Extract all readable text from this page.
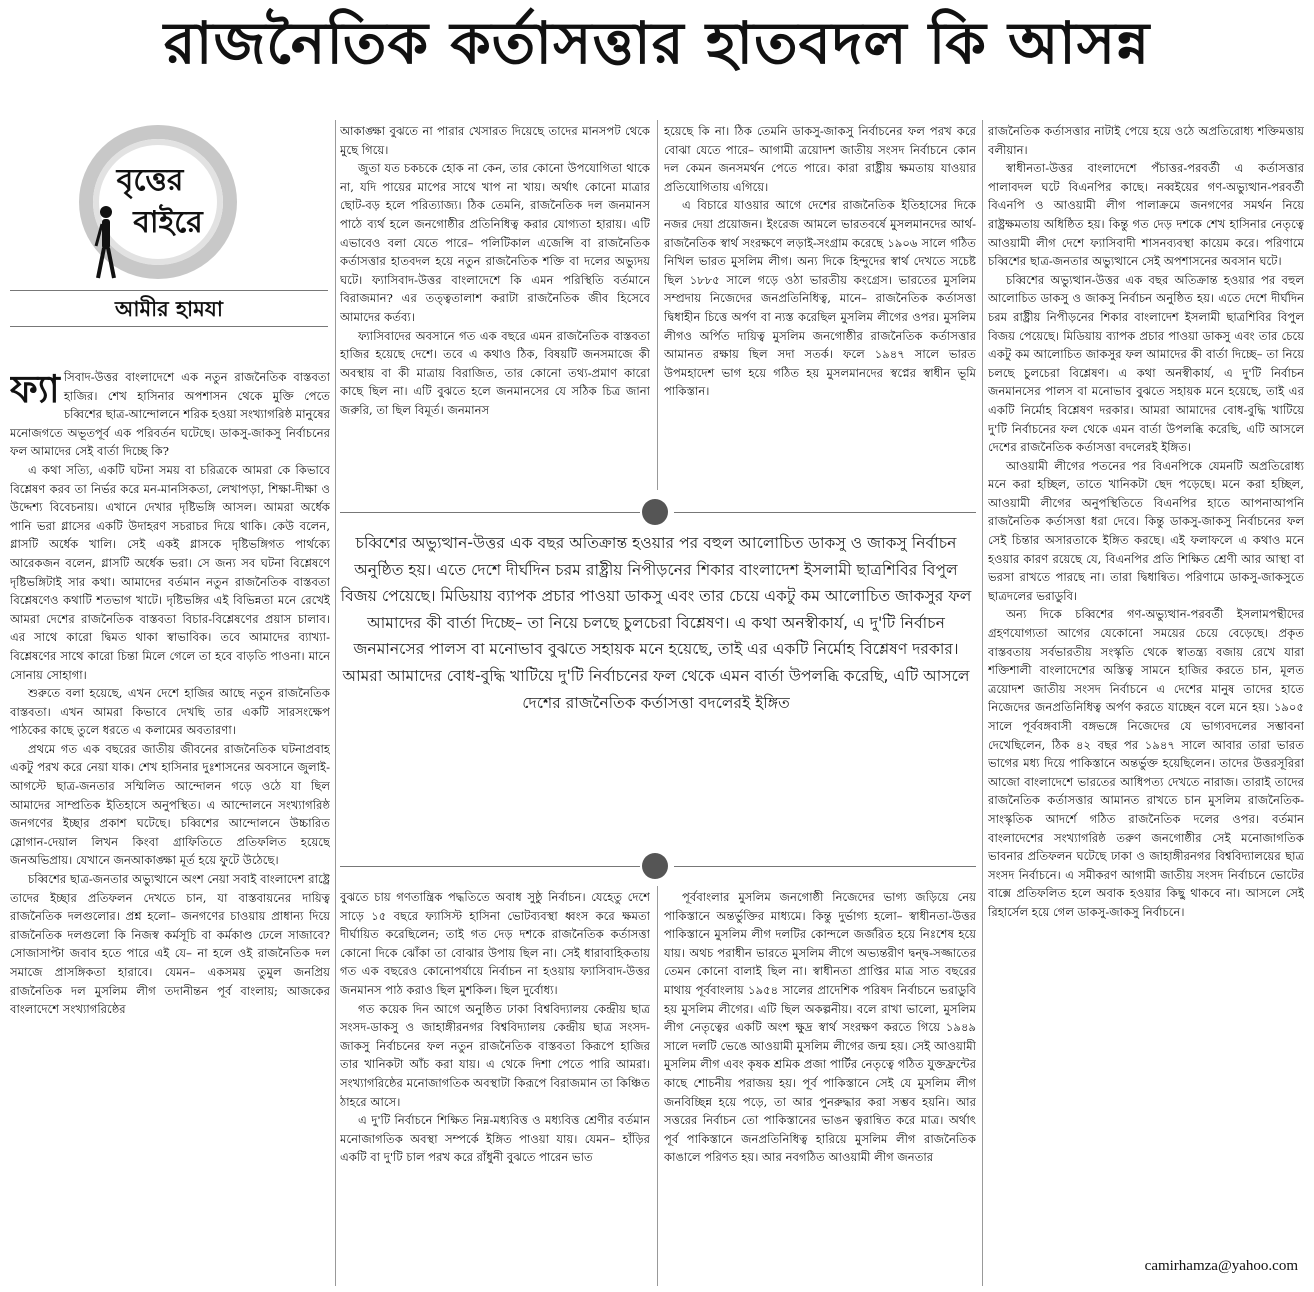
রাজনৈতিক কর্তাসত্তার হাতবদল কি আসন্ন
বৃত্তের
বাইরে
আমীর হামযা

ফ্যা সিবাদ-উত্তর বাংলাদেশে এক নতুন রাজনৈতিক বাস্তবতা হাজির। শেখ হাসিনার অপশাসন থেকে মুক্তি পেতে চব্বিশের ছাত্র-আন্দোলনে শরিক হওয়া সংখ্যাগরিষ্ঠ মানুষের মনোজগতে অভূতপূর্ব এক পরিবর্তন ঘটেছে। ডাকসু-জাকসু নির্বাচনের ফল আমাদের সেই বার্তা দিচ্ছে কি?

এ কথা সত্যি, একটি ঘটনা সময় বা চরিত্রকে আমরা কে কিভাবে বিশ্লেষণ করব তা নির্ভর করে মন-মানসিকতা, লেখাপড়া, শিক্ষা-দীক্ষা ও উদ্দেশ্য বিবেচনায়। এখানে দেখার দৃষ্টিভঙ্গি আসল। আমরা অর্ধেক পানি ভরা গ্লাসের একটি উদাহরণ সচরাচর দিয়ে থাকি। কেউ বলেন, গ্লাসটি অর্ধেক খালি। সেই একই গ্লাসকে দৃষ্টিভঙ্গিগত পার্থক্যে আরেকজন বলেন, গ্লাসটি অর্ধেক ভরা। সে জন্য সব ঘটনা বিশ্লেষণে দৃষ্টিভঙ্গিটাই সার কথা। আমাদের বর্তমান নতুন রাজনৈতিক বাস্তবতা বিশ্লেষণেও কথাটি শতভাগ খাটে। দৃষ্টিভঙ্গির এই বিভিন্নতা মনে রেখেই আমরা দেশের রাজনৈতিক বাস্তবতা বিচার-বিশ্লেষণের প্রয়াস চালাব। এর সাথে কারো দ্বিমত থাকা স্বাভাবিক। তবে আমাদের ব্যাখ্যা-বিশ্লেষণের সাথে কারো চিন্তা মিলে গেলে তা হবে বাড়তি পাওনা। মানে সোনায় সোহাগা।

শুরুতে বলা হয়েছে, এখন দেশে হাজির আছে নতুন রাজনৈতিক বাস্তবতা। এখন আমরা কিভাবে দেখছি তার একটি সারসংক্ষেপ পাঠকের কাছে তুলে ধরতে এ কলামের অবতারণা।

প্রথমে গত এক বছরের জাতীয় জীবনের রাজনৈতিক ঘটনাপ্রবাহ একটু পরখ করে নেয়া যাক। শেখ হাসিনার দুঃশাসনের অবসানে জুলাই-আগস্টে ছাত্র-জনতার সম্মিলিত আন্দোলন গড়ে ওঠে যা ছিল আমাদের সাম্প্রতিক ইতিহাসে অনুপস্থিত। এ আন্দোলনে সংখ্যাগরিষ্ঠ জনগণের ইচ্ছার প্রকাশ ঘটেছে। চব্বিশের আন্দোলনে উচ্চারিত স্লোগান-দেয়াল লিখন কিংবা গ্রাফিতিতে প্রতিফলিত হয়েছে জনঅভিপ্রায়। যেখানে জনআকাঙ্ক্ষা মূর্ত হয়ে ফুটে উঠেছে।

চব্বিশের ছাত্র-জনতার অভ্যুত্থানে অংশ নেয়া সবাই বাংলাদেশ রাষ্ট্রে তাদের ইচ্ছার প্রতিফলন দেখতে চান, যা বাস্তবায়নের দায়িত্ব রাজনৈতিক দলগুলোর। প্রশ্ন হলো– জনগণের চাওয়ায় প্রাধান্য দিয়ে রাজনৈতিক দলগুলো কি নিজস্ব কর্মসূচি বা কর্মকাণ্ড ঢেলে সাজাবে? সোজাসাপ্টা জবাব হতে পারে এই যে– না হলে ওই রাজনৈতিক দল সমাজে প্রাসঙ্গিকতা হারাবে। যেমন– একসময় তুমুল জনপ্রিয় রাজনৈতিক দল মুসলিম লীগ তদানীন্তন পূর্ব বাংলায়; আজকের বাংলাদেশে সংখ্যাগরিষ্ঠের

আকাঙ্ক্ষা বুঝতে না পারার খেসারত দিয়েছে তাদের মানসপট থেকে মুছে গিয়ে।

জুতা যত চকচকে হোক না কেন, তার কোনো উপযোগিতা থাকে না, যদি পায়ের মাপের সাথে খাপ না খায়। অর্থাৎ কোনো মাত্রার ছোট-বড় হলে পরিত্যাজ্য। ঠিক তেমনি, রাজনৈতিক দল জনমানস পাঠে ব্যর্থ হলে জনগোষ্ঠীর প্রতিনিধিত্ব করার যোগ্যতা হারায়। এটি এভাবেও বলা যেতে পারে– পলিটিকাল এজেন্সি বা রাজনৈতিক কর্তাসত্তার হাতবদল হয়ে নতুন রাজনৈতিক শক্তি বা দলের অভ্যুদয় ঘটে। ফ্যাসিবাদ-উত্তর বাংলাদেশে কি এমন পরিস্থিতি বর্তমানে বিরাজমান? এর তত্ত্বতালাশ করাটা রাজনৈতিক জীব হিসেবে আমাদের কর্তব্য।

ফ্যাসিবাদের অবসানে গত এক বছরে এমন রাজনৈতিক বাস্তবতা হাজির হয়েছে দেশে। তবে এ কথাও ঠিক, বিষয়টি জনসমাজে কী অবস্থায় বা কী মাত্রায় বিরাজিত, তার কোনো তথ্য-প্রমাণ কারো কাছে ছিল না। এটি বুঝতে হলে জনমানসের যে সঠিক চিত্র জানা জরুরি, তা ছিল বিমূর্ত। জনমানস

হয়েছে কি না। ঠিক তেমনি ডাকসু-জাকসু নির্বাচনের ফল পরখ করে বোঝা যেতে পারে– আগামী ত্রয়োদশ জাতীয় সংসদ নির্বাচনে কোন দল কেমন জনসমর্থন পেতে পারে। কারা রাষ্ট্রীয় ক্ষমতায় যাওয়ার প্রতিযোগিতায় এগিয়ে।

এ বিচারে যাওয়ার আগে দেশের রাজনৈতিক ইতিহাসের দিকে নজর দেয়া প্রয়োজন। ইংরেজ আমলে ভারতবর্ষে মুসলমানদের আর্থ-রাজনৈতিক স্বার্থ সংরক্ষণে লড়াই-সংগ্রাম করেছে ১৯০৬ সালে গঠিত নিখিল ভারত মুসলিম লীগ। অন্য দিকে হিন্দুদের স্বার্থ দেখতে সচেষ্ট ছিল ১৮৮৫ সালে গড়ে ওঠা ভারতীয় কংগ্রেস। ভারতের মুসলিম সম্প্রদায় নিজেদের জনপ্রতিনিধিত্ব, মানে– রাজনৈতিক কর্তাসত্তা দ্বিধাহীন চিত্তে অর্পণ বা ন্যস্ত করেছিল মুসলিম লীগের ওপর। মুসলিম লীগও অর্পিত দায়িত্ব মুসলিম জনগোষ্ঠীর রাজনৈতিক কর্তাসত্তার আমানত রক্ষায় ছিল সদা সতর্ক। ফলে ১৯৪৭ সালে ভারত উপমহাদেশ ভাগ হয়ে গঠিত হয় মুসলমানদের স্বপ্নের স্বাধীন ভূমি পাকিস্তান।

চব্বিশের অভ্যুত্থান-উত্তর এক বছর অতিক্রান্ত হওয়ার পর বহুল আলোচিত ডাকসু ও জাকসু নির্বাচন অনুষ্ঠিত হয়। এতে দেশে দীর্ঘদিন চরম রাষ্ট্রীয় নিপীড়নের শিকার বাংলাদেশ ইসলামী ছাত্রশিবির বিপুল বিজয় পেয়েছে। মিডিয়ায় ব্যাপক প্রচার পাওয়া ডাকসু এবং তার চেয়ে একটু কম আলোচিত জাকসুর ফল আমাদের কী বার্তা দিচ্ছে– তা নিয়ে চলছে চুলচেরা বিশ্লেষণ। এ কথা অনস্বীকার্য, এ দু'টি নির্বাচন জনমানসের পালস বা মনোভাব বুঝতে সহায়ক মনে হয়েছে, তাই এর একটি নির্মোহ বিশ্লেষণ দরকার। আমরা আমাদের বোধ-বুদ্ধি খাটিয়ে দু'টি নির্বাচনের ফল থেকে এমন বার্তা উপলব্ধি করেছি, এটি আসলে দেশের রাজনৈতিক কর্তাসত্তা বদলেরই ইঙ্গিত

বুঝতে চায় গণতান্ত্রিক পদ্ধতিতে অবাধ সুষ্ঠু নির্বাচন। যেহেতু দেশে সাড়ে ১৫ বছরে ফ্যাসিস্ট হাসিনা ভোটব্যবস্থা ধ্বংস করে ক্ষমতা দীর্ঘায়িত করেছিলেন; তাই গত দেড় দশকে রাজনৈতিক কর্তাসত্তা কোনো দিকে ঝোঁকা তা বোঝার উপায় ছিল না। সেই ধারাবাহিকতায় গত এক বছরেও কোনোপর্যায়ে নির্বাচন না হওয়ায় ফ্যাসিবাদ-উত্তর জনমানস পাঠ করাও ছিল মুশকিল। ছিল দুর্বোধ্য।

গত কয়েক দিন আগে অনুষ্ঠিত ঢাকা বিশ্ববিদ্যালয় কেন্দ্রীয় ছাত্র সংসদ-ডাকসু ও জাহাঙ্গীরনগর বিশ্ববিদ্যালয় কেন্দ্রীয় ছাত্র সংসদ-জাকসু নির্বাচনের ফল নতুন রাজনৈতিক বাস্তবতা কিরূপে হাজির তার খানিকটা আঁচ করা যায়। এ থেকে দিশা পেতে পারি আমরা। সংখ্যাগরিষ্ঠের মনোজাগতিক অবস্থাটা কিরূপে বিরাজমান তা কিঞ্চিত ঠাহরে আসে।

এ দু'টি নির্বাচনে শিক্ষিত নিম্ন-মধ্যবিত্ত ও মধ্যবিত্ত শ্রেণীর বর্তমান মনোজাগতিক অবস্থা সম্পর্কে ইঙ্গিত পাওয়া যায়। যেমন– হাঁড়ির একটি বা দু'টি চাল পরখ করে রাঁধুনী বুঝতে পারেন ভাত

পূর্ববাংলার মুসলিম জনগোষ্ঠী নিজেদের ভাগ্য জড়িয়ে নেয় পাকিস্তানে অন্তর্ভুক্তির মাধ্যমে। কিন্তু দুর্ভাগ্য হলো– স্বাধীনতা-উত্তর পাকিস্তানে মুসলিম লীগ দলটির কোন্দলে জর্জরিত হয়ে নিঃশেষ হয়ে যায়। অথচ পরাধীন ভারতে মুসলিম লীগে অভ্যন্তরীণ দ্বন্দ্ব-সজ্জাতের তেমন কোনো বালাই ছিল না। স্বাধীনতা প্রাপ্তির মাত্র সাত বছরের মাথায় পূর্ববাংলায় ১৯৫৪ সালের প্রাদেশিক পরিষদ নির্বাচনে ভরাডুবি হয় মুসলিম লীগের। এটি ছিল অকল্পনীয়। বলে রাখা ভালো, মুসলিম লীগ নেতৃত্বের একটি অংশ ক্ষুদ্র স্বার্থ সংরক্ষণ করতে গিয়ে ১৯৪৯ সালে দলটি ভেঙে আওয়ামী মুসলিম লীগের জন্ম হয়। সেই আওয়ামী মুসলিম লীগ এবং কৃষক শ্রমিক প্রজা পার্টির নেতৃত্বে গঠিত যুক্তফ্রন্টের কাছে শোচনীয় পরাজয় হয়। পূর্ব পাকিস্তানে সেই যে মুসলিম লীগ জনবিচ্ছিন্ন হয়ে পড়ে, তা আর পুনরুদ্ধার করা সম্ভব হয়নি। আর সত্তরের নির্বাচন তো পাকিস্তানের ভাঙন ত্বরান্বিত করে মাত্র। অর্থাৎ পূর্ব পাকিস্তানে জনপ্রতিনিধিত্ব হারিয়ে মুসলিম লীগ রাজনৈতিক কাঙালে পরিণত হয়। আর নবগঠিত আওয়ামী লীগ জনতার

রাজনৈতিক কর্তাসত্তার নাটাই পেয়ে হয়ে ওঠে অপ্রতিরোধ্য শক্তিমত্তায় বলীয়ান।

স্বাধীনতা-উত্তর বাংলাদেশে পঁচাত্তর-পরবর্তী এ কর্তাসত্তার পালাবদল ঘটে বিএনপির কাছে। নব্বইয়ের গণ-অভ্যুত্থান-পরবর্তী বিএনপি ও আওয়ামী লীগ পালাক্রমে জনগণের সমর্থন নিয়ে রাষ্ট্রক্ষমতায় অধিষ্ঠিত হয়। কিন্তু গত দেড় দশকে শেখ হাসিনার নেতৃত্বে আওয়ামী লীগ দেশে ফ্যাসিবাদী শাসনব্যবস্থা কায়েম করে। পরিণামে চব্বিশের ছাত্র-জনতার অভ্যুত্থানে সেই অপশাসনের অবসান ঘটে।

চব্বিশের অভ্যুত্থান-উত্তর এক বছর অতিক্রান্ত হওয়ার পর বহুল আলোচিত ডাকসু ও জাকসু নির্বাচন অনুষ্ঠিত হয়। এতে দেশে দীর্ঘদিন চরম রাষ্ট্রীয় নিপীড়নের শিকার বাংলাদেশ ইসলামী ছাত্রশিবির বিপুল বিজয় পেয়েছে। মিডিয়ায় ব্যাপক প্রচার পাওয়া ডাকসু এবং তার চেয়ে একটু কম আলোচিত জাকসুর ফল আমাদের কী বার্তা দিচ্ছে– তা নিয়ে চলছে চুলচেরা বিশ্লেষণ। এ কথা অনস্বীকার্য, এ দু'টি নির্বাচন জনমানসের পালস বা মনোভাব বুঝতে সহায়ক মনে হয়েছে, তাই এর একটি নির্মোহ বিশ্লেষণ দরকার। আমরা আমাদের বোধ-বুদ্ধি খাটিয়ে দু'টি নির্বাচনের ফল থেকে এমন বার্তা উপলব্ধি করেছি, এটি আসলে দেশের রাজনৈতিক কর্তাসত্তা বদলেরই ইঙ্গিত।

আওয়ামী লীগের পতনের পর বিএনপিকে যেমনটি অপ্রতিরোধ্য মনে করা হচ্ছিল, তাতে খানিকটা ছেদ পড়েছে। মনে করা হচ্ছিল, আওয়ামী লীগের অনুপস্থিতিতে বিএনপির হাতে আপনাআপনি রাজনৈতিক কর্তাসত্তা ধরা দেবে। কিন্তু ডাকসু-জাকসু নির্বাচনের ফল সেই চিন্তার অসারতাকে ইঙ্গিত করছে। এই ফলাফলে এ কথাও মনে হওয়ার কারণ রয়েছে যে, বিএনপির প্রতি শিক্ষিত শ্রেণী আর আস্থা বা ভরসা রাখতে পারছে না। তারা দ্বিধান্বিত। পরিণামে ডাকসু-জাকসুতে ছাত্রদলের ভরাডুবি।

অন্য দিকে চব্বিশের গণ-অভ্যুত্থান-পরবর্তী ইসলামপন্থীদের গ্রহণযোগ্যতা আগের যেকোনো সময়ের চেয়ে বেড়েছে। প্রকৃত বাস্তবতায় সর্বভারতীয় সংস্কৃতি থেকে স্বাতন্ত্র্য বজায় রেখে যারা শক্তিশালী বাংলাদেশের অস্তিত্ব সামনে হাজির করতে চান, মূলত ত্রয়োদশ জাতীয় সংসদ নির্বাচনে এ দেশের মানুষ তাদের হাতে নিজেদের জনপ্রতিনিধিত্ব অর্পণ করতে যাচ্ছেন বলে মনে হয়। ১৯০৫ সালে পূর্ববঙ্গবাসী বঙ্গভঙ্গে নিজেদের যে ভাগ্যবদলের সম্ভাবনা দেখেছিলেন, ঠিক ৪২ বছর পর ১৯৪৭ সালে আবার তারা ভারত ভাগের মধ্য দিয়ে পাকিস্তানে অন্তর্ভুক্ত হয়েছিলেন। তাদের উত্তরসূরিরা আজো বাংলাদেশে ভারতের আধিপত্য দেখতে নারাজ। তারাই তাদের রাজনৈতিক কর্তাসত্তার আমানত রাখতে চান মুসলিম রাজনৈতিক-সাংস্কৃতিক আদর্শে গঠিত রাজনৈতিক দলের ওপর। বর্তমান বাংলাদেশের সংখ্যাগরিষ্ঠ তরুণ জনগোষ্ঠীর সেই মনোজাগতিক ভাবনার প্রতিফলন ঘটেছে ঢাকা ও জাহাঙ্গীরনগর বিশ্ববিদ্যালয়ের ছাত্র সংসদ নির্বাচনে। এ সমীকরণ আগামী জাতীয় সংসদ নির্বাচনে ভোটের বাক্সে প্রতিফলিত হলে অবাক হওয়ার কিছু থাকবে না। আসলে সেই রিহার্সেল হয়ে গেল ডাকসু-জাকসু নির্বাচনে।

camirhamza@yahoo.com
